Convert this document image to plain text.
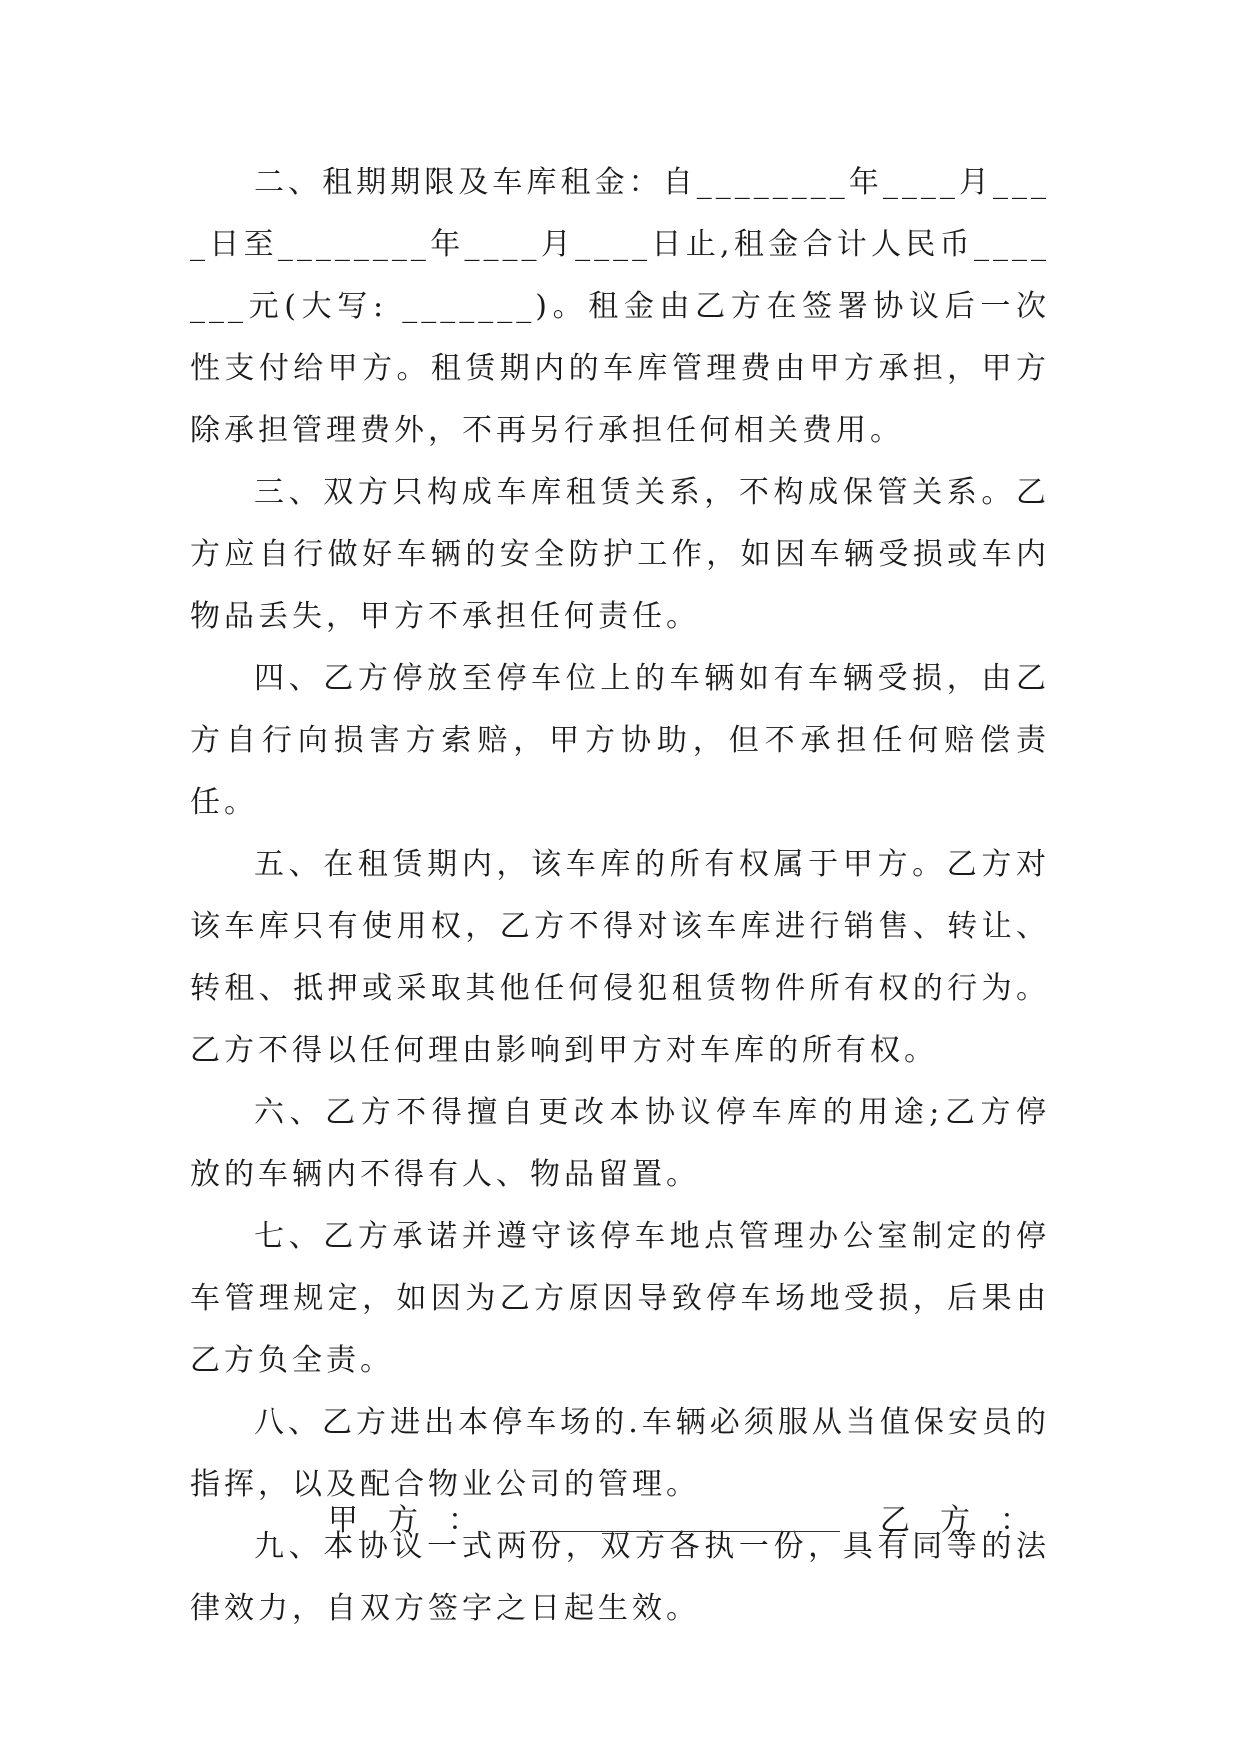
二、租期期限及车库租金：自________年____月____日至________年____月____日止,租金合计人民币_______元(大写: _______)。租金由乙方在签署协议后一次性支付给甲方。租赁期内的车库管理费由甲方承担，甲方除承担管理费外，不再另行承担任何相关费用。

三、双方只构成车库租赁关系，不构成保管关系。乙方应自行做好车辆的安全防护工作，如因车辆受损或车内物品丢失，甲方不承担任何责任。

四、乙方停放至停车位上的车辆如有车辆受损，由乙方自行向损害方索赔，甲方协助，但不承担任何赔偿责任。

五、在租赁期内，该车库的所有权属于甲方。乙方对该车库只有使用权，乙方不得对该车库进行销售、转让、转租、抵押或采取其他任何侵犯租赁物件所有权的行为。乙方不得以任何理由影响到甲方对车库的所有权。

六、乙方不得擅自更改本协议停车库的用途;乙方停放的车辆内不得有人、物品留置。

七、乙方承诺并遵守该停车地点管理办公室制定的停车管理规定，如因为乙方原因导致停车场地受损，后果由乙方负全责。

八、乙方进出本停车场的.车辆必须服从当值保安员的指挥，以及配合物业公司的管理。

九、本协议一式两份，双方各执一份，具有同等的法律效力，自双方签字之日起生效。

甲方：	乙方：
